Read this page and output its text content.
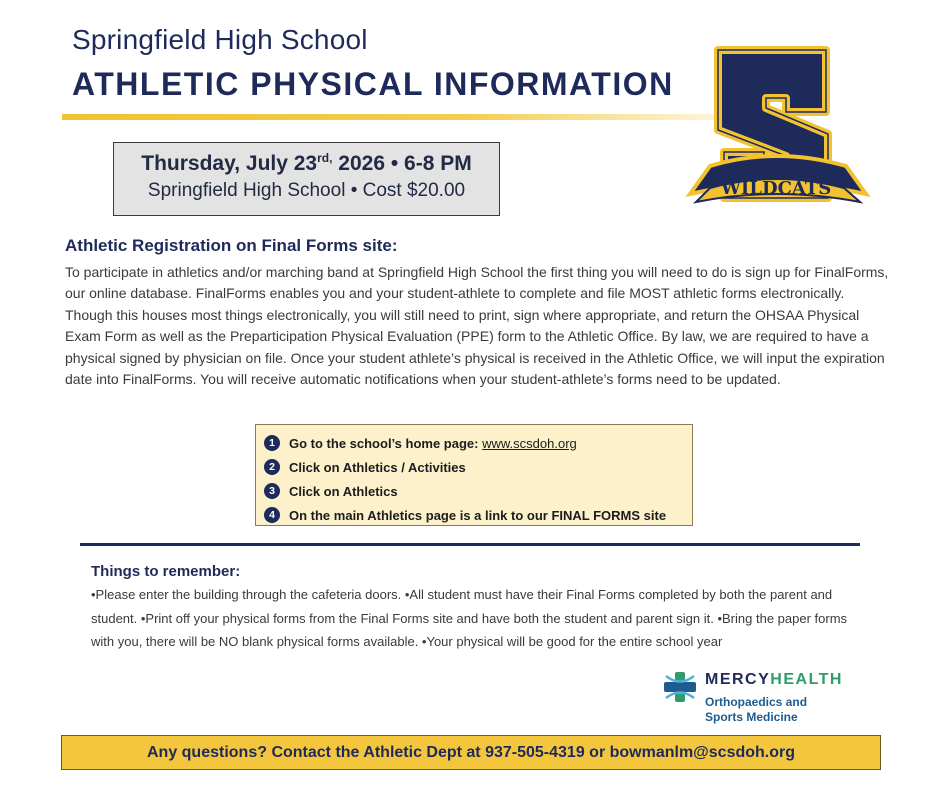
Springfield High School
ATHLETIC PHYSICAL INFORMATION
WILDCATS
Thursday, July $23^{rd,}$ 2026 • 6-8 PM
Springfield High School • Cost $20.00
Athletic Registration on Final Forms site:
To participate in athletics and/or marching band at Springfield High School the first thing you will need to do is sign up for FinalForms, our online database. FinalForms enables you and your student-athlete to complete and file MOST athletic forms electronically. Though this houses most things electronically, you will still need to print, sign where appropriate, and return the OHSAA Physical Exam Form as well as the Preparticipation Physical Evaluation (PPE) form to the Athletic Office. By law, we are required to have a physical signed by physician on file. Once your student athlete’s physical is received in the Athletic Office, we will input the expiration date into FinalForms. You will receive automatic notifications when your student-athlete’s forms need to be updated.
1	Go to the school’s home page:
www.scsdoh.org
2	Click on Athletics / Activities
3	Click on Athletics
4	On the main Athletics page is a link to our FINAL FORMS site
Things to remember:
•Please enter the building through the cafeteria doors. •All student must have their Final Forms completed by both the parent and student. •Print off your physical forms from the Final Forms site and have both the student and parent sign it. •Bring the paper forms with you, there will be NO blank physical forms available. •Your physical will be good for the entire school year
MERCYHEALTH
Orthopaedics and
Sports Medicine
Any questions? Contact the Athletic Dept at 937-505-4319 or bowmanlm@scsdoh.org
